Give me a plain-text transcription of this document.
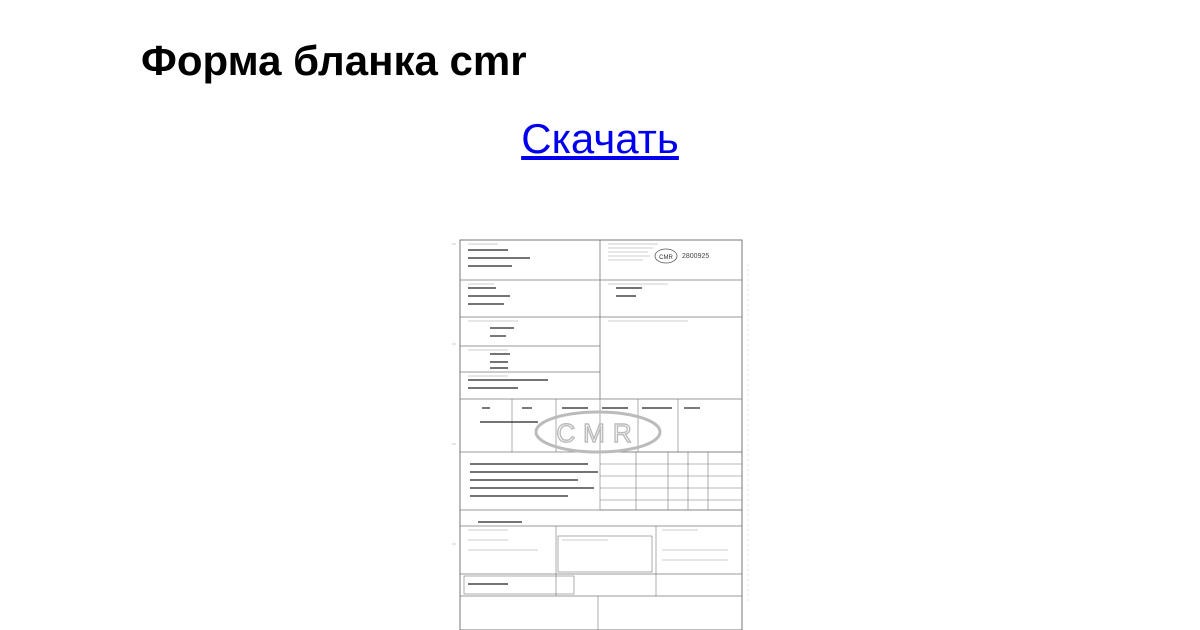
Форма бланка cmr
Скачать
CMR 2800925
CMR
